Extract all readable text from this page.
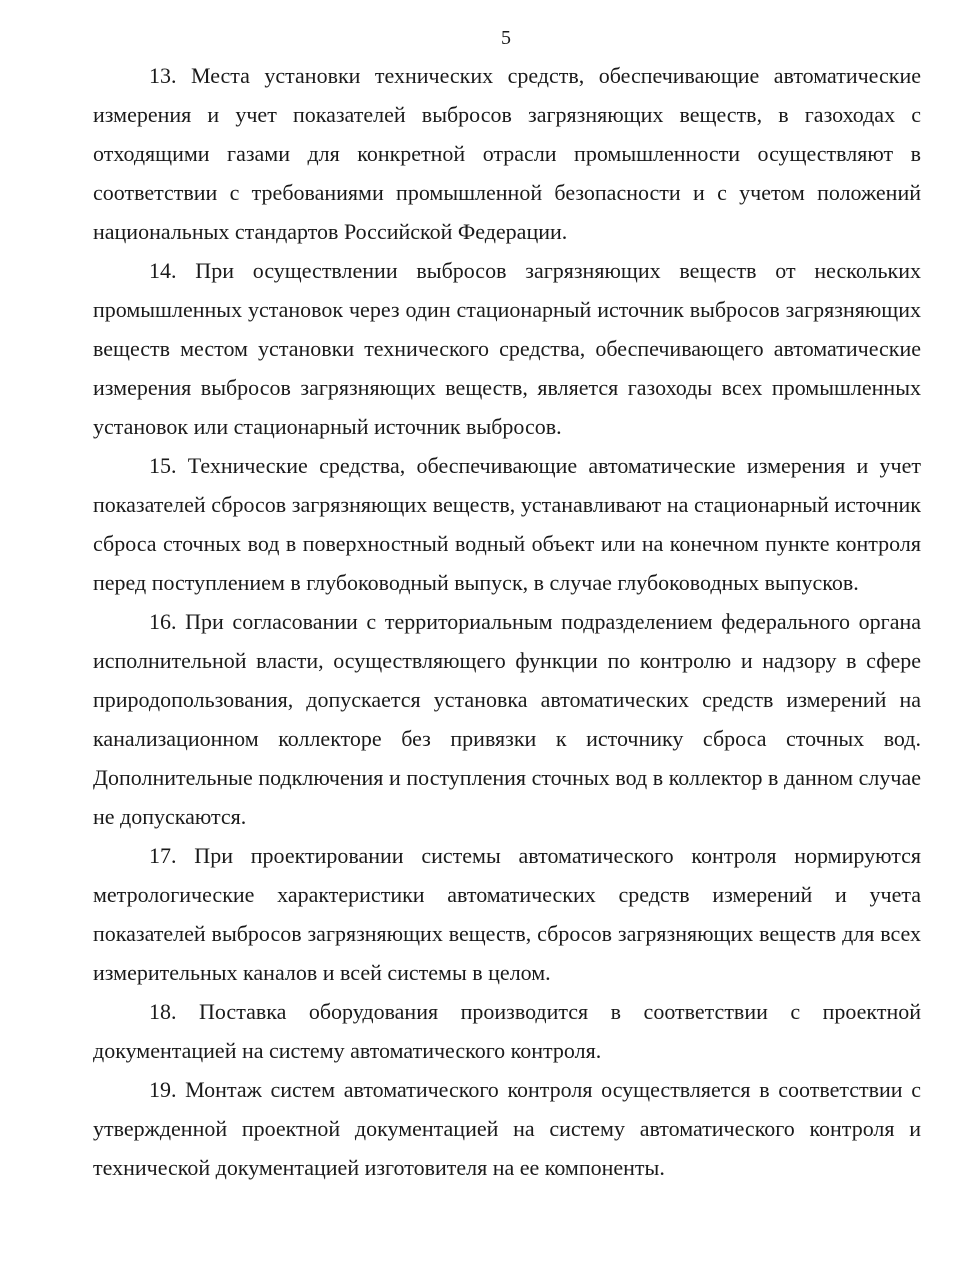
5

13. Места установки технических средств, обеспечивающие автоматические измерения и учет показателей выбросов загрязняющих веществ, в газоходах с отходящими газами для конкретной отрасли промышленности осуществляют в соответствии с требованиями промышленной безопасности и с учетом положений национальных стандартов Российской Федерации.

14. При осуществлении выбросов загрязняющих веществ от нескольких промышленных установок через один стационарный источник выбросов загрязняющих веществ местом установки технического средства, обеспечивающего автоматические измерения выбросов загрязняющих веществ, является газоходы всех промышленных установок или стационарный источник выбросов.

15. Технические средства, обеспечивающие автоматические измерения и учет показателей сбросов загрязняющих веществ, устанавливают на стационарный источник сброса сточных вод в поверхностный водный объект или на конечном пункте контроля перед поступлением в глубоководный выпуск, в случае глубоководных выпусков.

16. При согласовании с территориальным подразделением федерального органа исполнительной власти, осуществляющего функции по контролю и надзору в сфере природопользования, допускается установка автоматических средств измерений на канализационном коллекторе без привязки к источнику сброса сточных вод. Дополнительные подключения и поступления сточных вод в коллектор в данном случае не допускаются.

17. При проектировании системы автоматического контроля нормируются метрологические характеристики автоматических средств измерений и учета показателей выбросов загрязняющих веществ, сбросов загрязняющих веществ для всех измерительных каналов и всей системы в целом.

18. Поставка оборудования производится в соответствии с проектной документацией на систему автоматического контроля.

19. Монтаж систем автоматического контроля осуществляется в соответствии с утвержденной проектной документацией на систему автоматического контроля и технической документацией изготовителя на ее компоненты.
